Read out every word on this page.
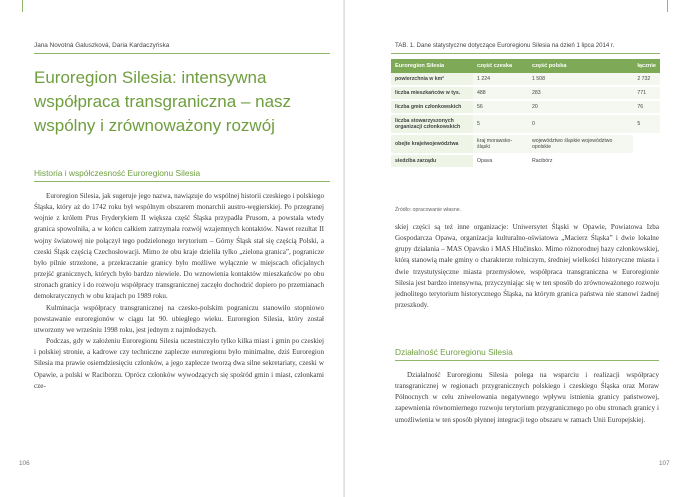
Jana Novotná Galuszková, Daria Kardaczyńska
Euroregion Silesia: intensywna współpraca transgraniczna – nasz wspólny i zrównoważony rozwój
Historia i współczesność Euroregionu Silesia

Euroregion Silesia, jak sugeruje jego nazwa, nawiązuje do wspólnej historii czeskiego i polskiego Śląska, który aż do 1742 roku był wspólnym obszarem monarchii austro-węgierskiej. Po przegranej wojnie z królem Prus Fryderykiem II większa część Śląska przypadła Prusom, a powstała wtedy granica spowolniła, a w końcu całkiem zatrzymała rozwój wzajemnych kontaktów. Nawet rezultat II wojny światowej nie połączył tego podzielonego terytorium – Górny Śląsk stał się częścią Polski, a czeski Śląsk częścią Czechosłowacji. Mimo że obu kraje dzieliła tylko „zielona granica”, pogranicze było pilnie strzeżone, a przekraczanie granicy było możliwe wyłącznie w miejscach oficjalnych przejść granicznych, których było bardzo niewiele. Do wznowienia kontaktów mieszkańców po obu stronach granicy i do rozwoju współpracy transgranicznej zaczęło dochodzić dopiero po przemianach demokratycznych w obu krajach po 1989 roku.

Kulminacja współpracy transgranicznej na czesko-polskim pograniczu stanowiło stopniowo powstawanie euroregionów w ciągu lat 90. ubiegłego wieku. Euroregion Silesia, który został utworzony we wrześniu 1998 roku, jest jednym z najmłodszych.

Podczas, gdy w założeniu Euroregionu Silesia uczestniczyło tylko kilka miast i gmin po czeskiej i polskiej stronie, a kadrowe czy techniczne zaplecze euroregionu było minimalne, dziś Euroregion Silesia ma prawie osiemdziesięciu członków, a jego zaplecze tworzą dwa silne sekretariaty, czeski w Opawie, a polski w Raciborzu. Oprócz członków wywodzących się spośród gmin i miast, członkami cze-

106
TAB. 1. Dane statystyczne dotyczące Euroregionu Silesia na dzień 1 lipca 2014 r.
Euroregion Silesia	część czeska	część polska	łącznie
powierzchnia w km²	1 224	1 508	2 732
liczba mieszkańców w tys.	488	283	771
liczba gmin członkowskich	56	20	76
liczba stowarzyszonych organizacji członkowskich	5	0	5
obejte kraje/województwa	kraj morawsko-śląski	województwo śląskie województwo opolskie	
siedziba zarządu	Opava	Racibórz	
Źródło: opracowanie własne.

skiej części są też inne organizacje: Uniwersytet Śląski w Opawie, Powiatowa Izba Gospodarcza Opawa, organizacja kulturalno-oświatowa „Macierz Śląska” i dwie lokalne grupy działania – MAS Opavsko i MAS Hlučínsko. Mimo różnorodnej bazy członkowskiej, którą stanowią małe gminy o charakterze rolniczym, średniej wielkości historyczne miasta i dwie trzystutysięczne miasta przemysłowe, współpraca transgraniczna w Euroregionie Silesia jest bardzo intensywna, przyczyniając się w ten sposób do zrównoważonego rozwoju jednolitego terytorium historycznego Śląska, na którym granica państwa nie stanowi żadnej przeszkody.

Działalność Euroregionu Silesia

Działalność Euroregionu Silesia polega na wsparciu i realizacji współpracy transgranicznej w regionach przygranicznych polskiego i czeskiego Śląska oraz Moraw Północnych w celu zniwelowania negatywnego wpływu istnienia granicy państwowej, zapewnienia równomiernego rozwoju terytorium przygranicznego po obu stronach granicy i umożliwienia w ten sposób płynnej integracji tego obszaru w ramach Unii Europejskiej.

107
